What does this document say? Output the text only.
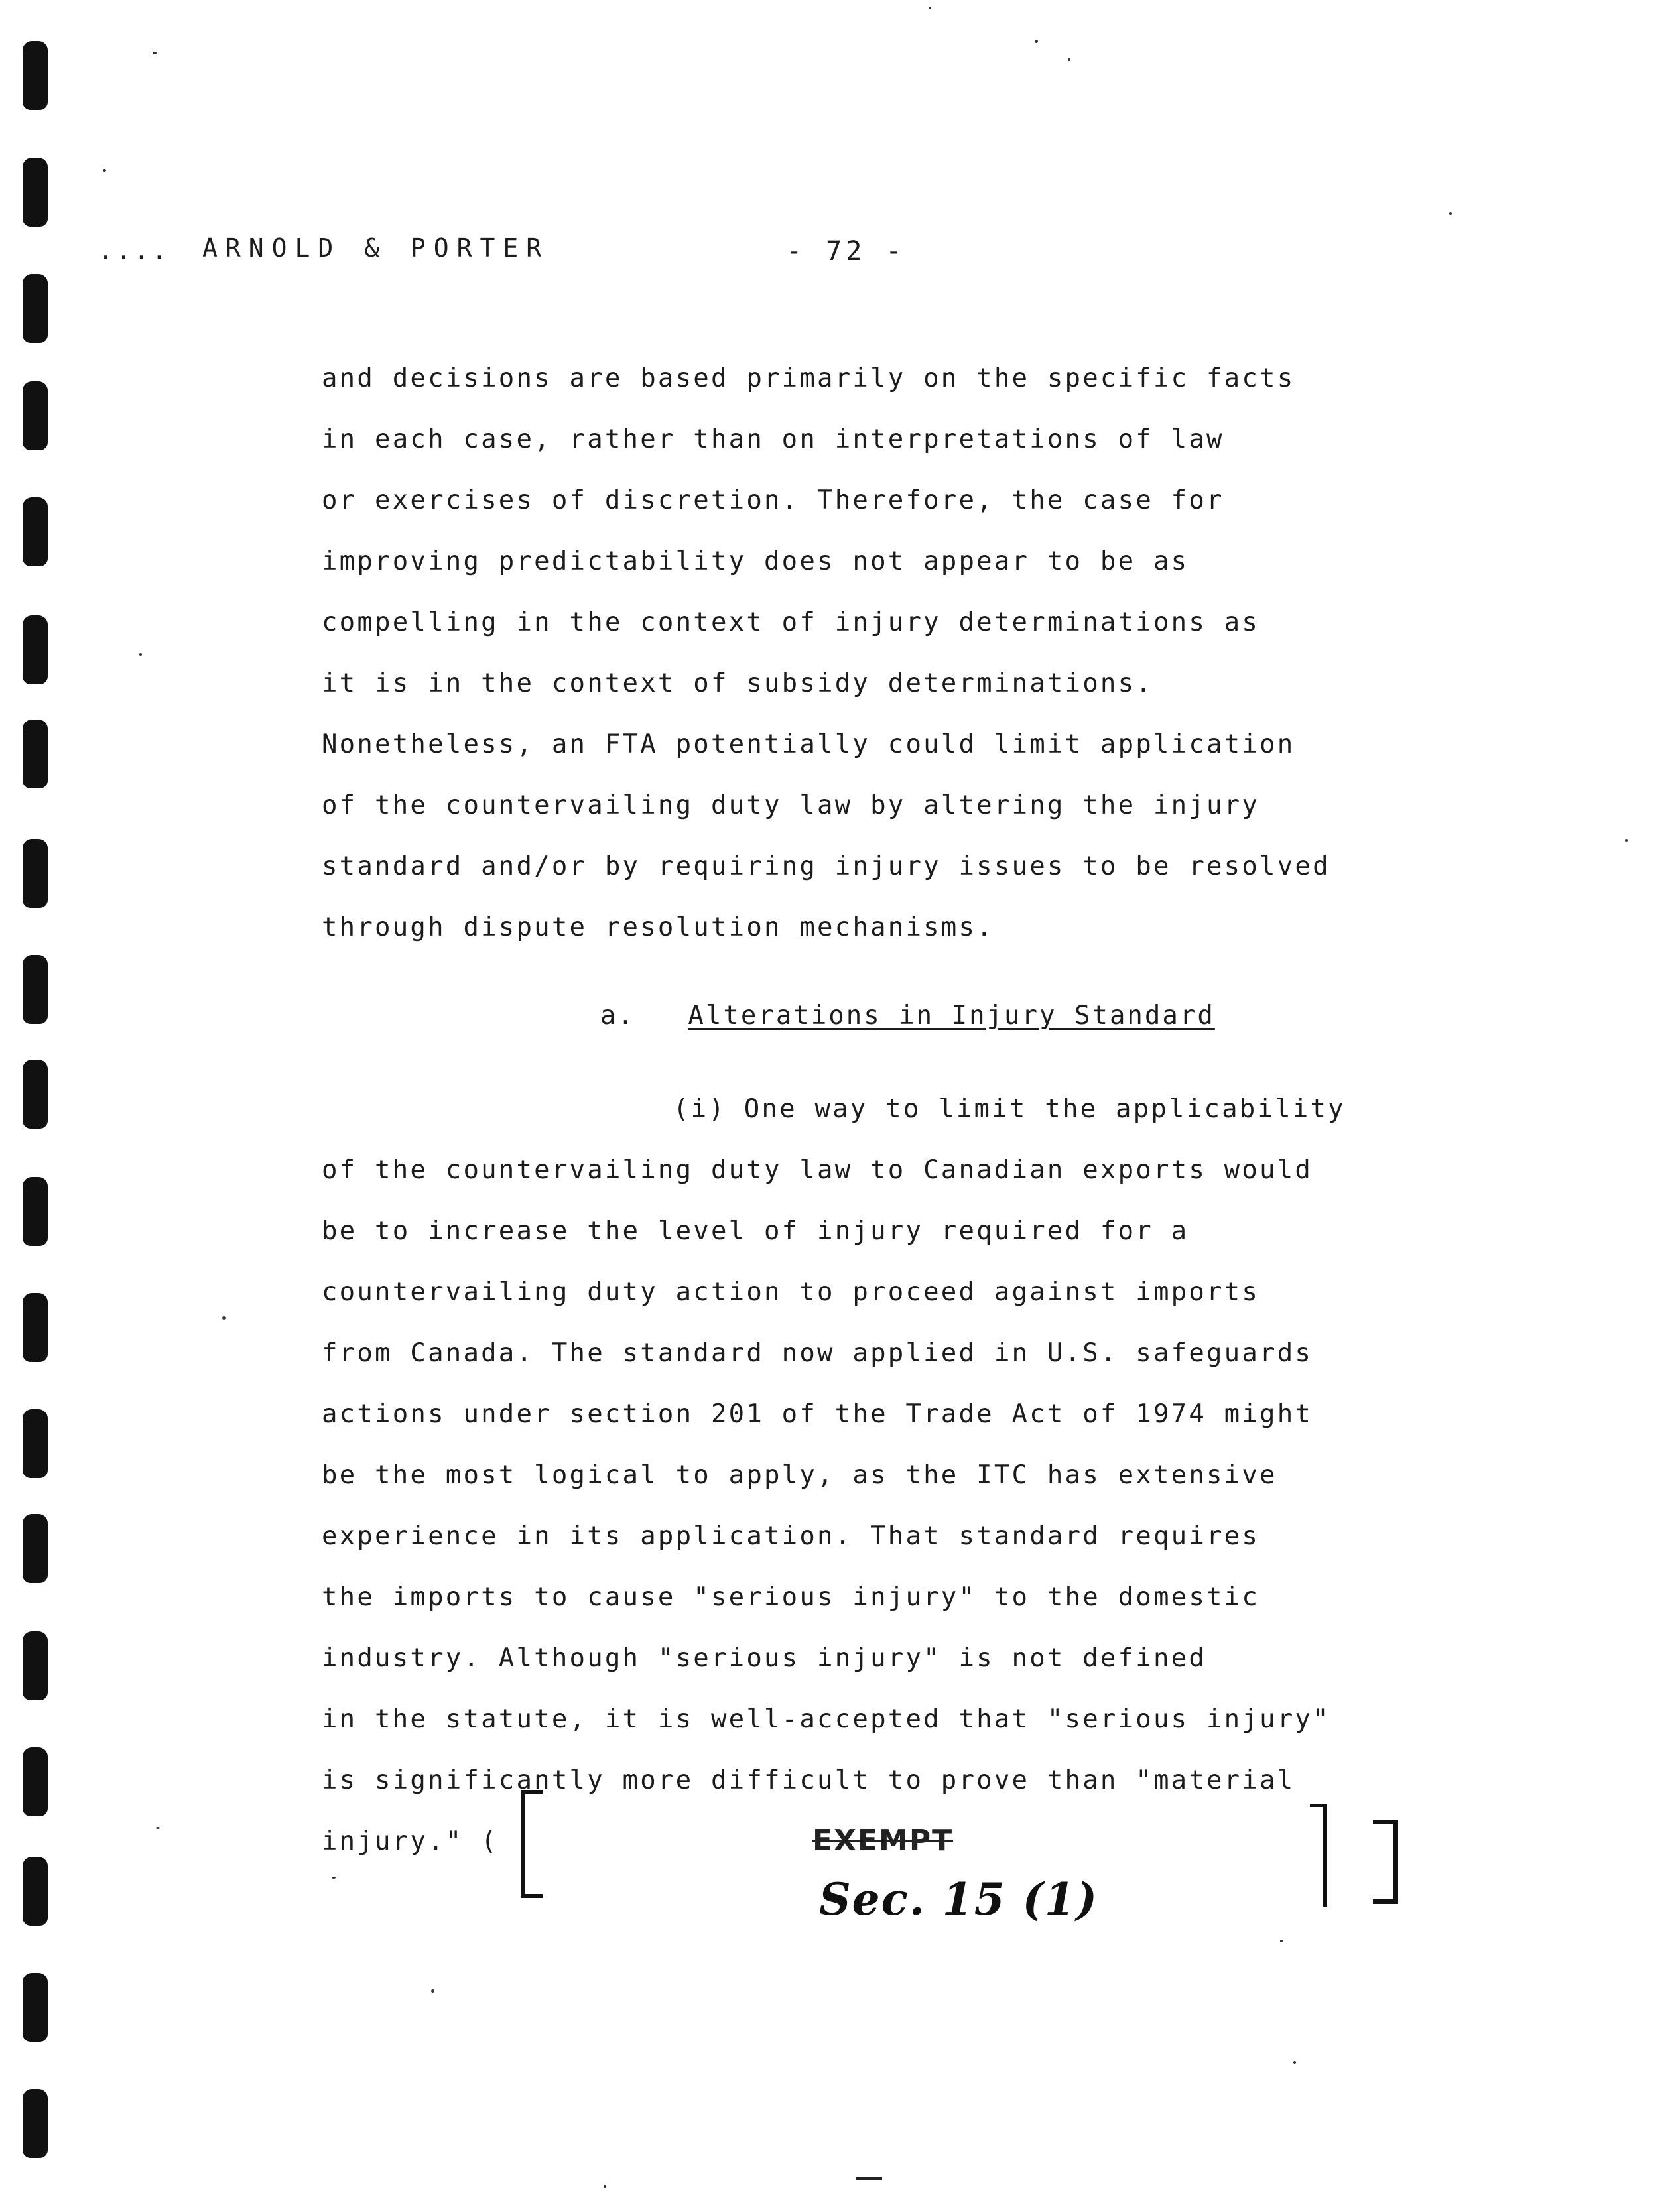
.... ARNOLD & PORTER	- 72 -
and decisions are based primarily on the specific facts
in each case, rather than on interpretations of law
or exercises of discretion. Therefore, the case for
improving predictability does not appear to be as
compelling in the context of injury determinations as
it is in the context of subsidy determinations.
Nonetheless, an FTA potentially could limit application
of the countervailing duty law by altering the injury
standard and/or by requiring injury issues to be resolved
through dispute resolution mechanisms.
a. Alterations in Injury Standard
(i) One way to limit the applicability
of the countervailing duty law to Canadian exports would
be to increase the level of injury required for a
countervailing duty action to proceed against imports
from Canada. The standard now applied in U.S. safeguards
actions under section 201 of the Trade Act of 1974 might
be the most logical to apply, as the ITC has extensive
experience in its application. That standard requires
the imports to cause "serious injury" to the domestic
industry. Although "serious injury" is not defined
in the statute, it is well-accepted that "serious injury"
is significantly more difficult to prove than "material
injury." (	EXEMPT
Sec. 15 (1)
